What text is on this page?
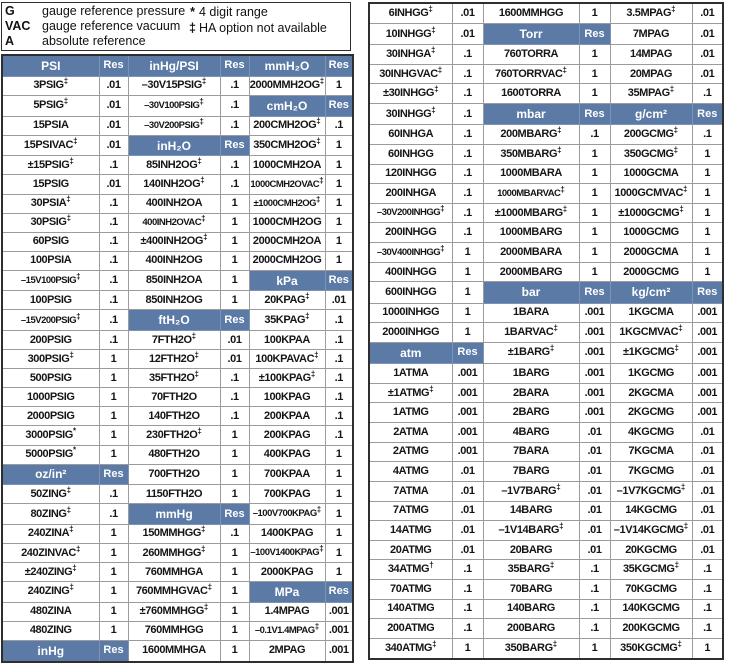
G	gauge reference pressure
VAC gauge reference vacuum
A	absolute reference
* 4 digit range
‡ HA option not available
PSI	Res	inHg/PSI	Res	mmH₂O	Res
3PSIG‡	.01	–30V15PSIG‡	.1	2000MMH2OG‡	1
5PSIG‡	.01	–30V100PSIG‡	.1	cmH₂O	Res
15PSIA	.01	–30V200PSIG‡	.1	200CMH2OG‡	.1
15PSIVAC‡	.01	inH₂O	Res	350CMH2OG‡	1
±15PSIG‡	.1	85INH2OG‡	.1	1000CMH2OA	1
15PSIG	.01	140INH2OG‡	.1	1000CMH2OVAC‡	1
30PSIA‡	.1	400INH2OA	1	±1000CMH2OG‡	1
30PSIG‡	.1	400INH2OVAC‡	1	1000CMH2OG	1
60PSIG	.1	±400INH2OG‡	1	2000CMH2OA	1
100PSIA	.1	400INH2OG	1	2000CMH2OG	1
–15V100PSIG‡	.1	850INH2OA	1	kPa	Res
100PSIG	.1	850INH2OG	1	20KPAG‡	.01
–15V200PSIG‡	.1	ftH₂O	Res	35KPAG‡	.1
200PSIG	.1	7FTH2O‡	.01	100KPAA	.1
300PSIG‡	1	12FTH2O‡	.01	100KPAVAC‡	.1
500PSIG	1	35FTH2O‡	.1	±100KPAG‡	.1
1000PSIG	1	70FTH2O	.1	100KPAG	.1
2000PSIG	1	140FTH2O	.1	200KPAA	.1
3000PSIG*	1	230FTH2O‡	1	200KPAG	.1
5000PSIG*	1	480FTH2O	1	400KPAG	1
oz/in²	Res	700FTH2O	1	700KPAA	1
50ZING‡	.1	1150FTH2O	1	700KPAG	1
80ZING‡	.1	mmHg	Res	–100V700KPAG‡	1
240ZINA‡	1	150MMHGG‡	.1	1400KPAG	1
240ZINVAC‡	1	260MMHGG‡	1	–100V1400KPAG‡	1
±240ZING‡	1	760MMHGA	1	2000KPAG	1
240ZING‡	1	760MMHGVAC‡	1	MPa	Res
480ZINA	1	±760MMHGG‡	1	1.4MPAG	.001
480ZING	1	760MMHGG	1	–0.1V1.4MPAG‡	.001
inHg	Res	1600MMHGA	1	2MPAG	.001
6INHGG‡	.01	1600MMHGG	1	3.5MPAG‡	.01
10INHGG‡	.01	Torr	Res	7MPAG	.01
30INHGA‡	.1	760TORRA	1	14MPAG	.01
30INHGVAC‡	.1	760TORRVAC‡	1	20MPAG	.01
±30INHGG‡	.1	1600TORRA	1	35MPAG‡	.1
30INHGG‡	.1	mbar	Res	g/cm²	Res
60INHGA	.1	200MBARG‡	.1	200GCMG‡	.1
60INHGG	.1	350MBARG‡	1	350GCMG‡	1
120INHGG	.1	1000MBARA	1	1000GCMA	1
200INHGA	.1	1000MBARVAC‡	1	1000GCMVAC‡	1
–30V200INHGG‡	.1	±1000MBARG‡	1	±1000GCMG‡	1
200INHGG	.1	1000MBARG	1	1000GCMG	1
–30V400INHGG‡	1	2000MBARA	1	2000GCMA	1
400INHGG	1	2000MBARG	1	2000GCMG	1
600INHGG	1	bar	Res	kg/cm²	Res
1000INHGG	1	1BARA	.001	1KGCMA	.001
2000INHGG	1	1BARVAC‡	.001	1KGCMVAC‡	.001
atm	Res	±1BARG‡	.001	±1KGCMG‡	.001
1ATMA	.001	1BARG	.001	1KGCMG	.001
±1ATMG‡	.001	2BARA	.001	2KGCMA	.001
1ATMG	.001	2BARG	.001	2KGCMG	.001
2ATMA	.001	4BARG	.01	4KGCMG	.01
2ATMG	.001	7BARA	.01	7KGCMA	.01
4ATMG	.01	7BARG	.01	7KGCMG	.01
7ATMA	.01	–1V7BARG‡	.01	–1V7KGCMG‡	.01
7ATMG	.01	14BARG	.01	14KGCMG	.01
14ATMG	.01	–1V14BARG‡	.01	–1V14KGCMG‡	.01
20ATMG	.01	20BARG	.01	20KGCMG	.01
34ATMG†	.1	35BARG‡	.1	35KGCMG‡	.1
70ATMG	.1	70BARG	.1	70KGCMG	.1
140ATMG	.1	140BARG	.1	140KGCMG	.1
200ATMG	.1	200BARG	.1	200KGCMG	.1
340ATMG‡	1	350BARG‡	1	350KGCMG‡	1
